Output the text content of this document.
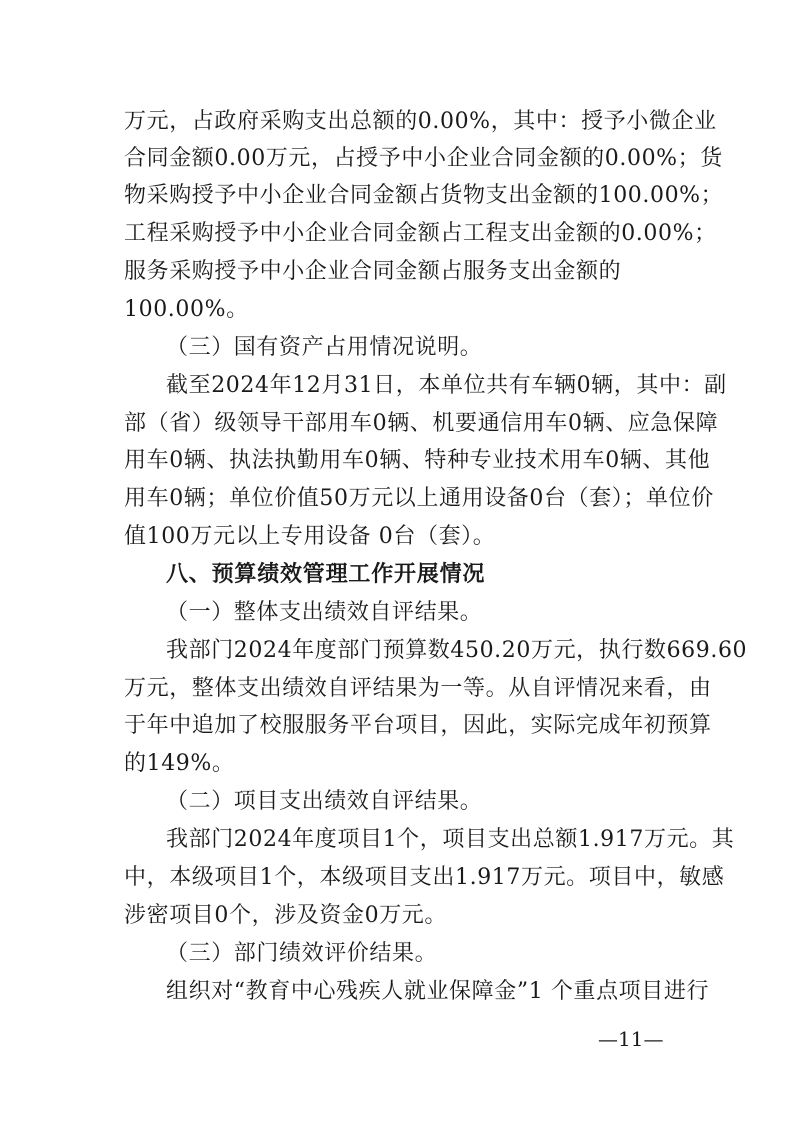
万元，占政府采购支出总额的0.00%，其中：授予小微企业
合同金额0.00万元，占授予中小企业合同金额的0.00%；货
物采购授予中小企业合同金额占货物支出金额的100.00%；
工程采购授予中小企业合同金额占工程支出金额的0.00%；
服务采购授予中小企业合同金额占服务支出金额的
100.00%。
（三）国有资产占用情况说明。
截至2024年12月31日，本单位共有车辆0辆，其中：副
部（省）级领导干部用车0辆、机要通信用车0辆、应急保障
用车0辆、执法执勤用车0辆、特种专业技术用车0辆、其他
用车0辆；单位价值50万元以上通用设备0台（套）；单位价
值100万元以上专用设备 0台（套）。
八、预算绩效管理工作开展情况
（一）整体支出绩效自评结果。
我部门2024年度部门预算数450.20万元，执行数669.60
万元，整体支出绩效自评结果为一等。从自评情况来看，由
于年中追加了校服服务平台项目，因此，实际完成年初预算
的149%。
（二）项目支出绩效自评结果。
我部门2024年度项目1个，项目支出总额1.917万元。其
中，本级项目1个，本级项目支出1.917万元。项目中，敏感
涉密项目0个，涉及资金0万元。
（三）部门绩效评价结果。
组织对“教育中心残疾人就业保障金”1 个重点项目进行
—11—
